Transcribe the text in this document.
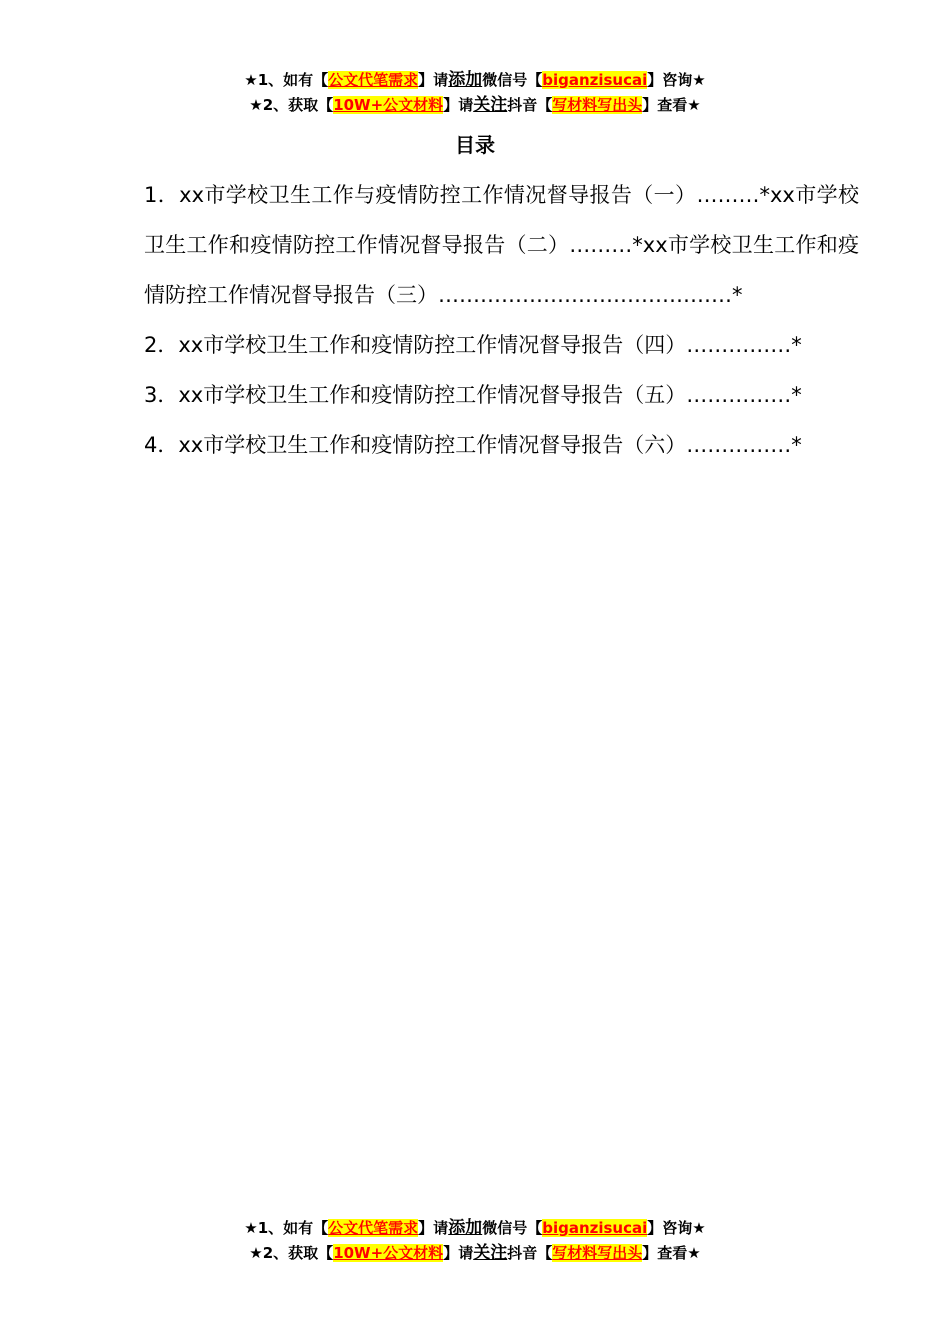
★1、如有【公文代笔需求】请添加微信号【biganzisucai】咨询★
★2、获取【10W+公文材料】请关注抖音【写材料写出头】查看★
目录
1．xx市学校卫生工作与疫情防控工作情况督导报告（一）………*xx市学校卫生工作和疫情防控工作情况督导报告（二）………*xx市学校卫生工作和疫情防控工作情况督导报告（三）……………………………………*
2．xx市学校卫生工作和疫情防控工作情况督导报告（四）……………*
3．xx市学校卫生工作和疫情防控工作情况督导报告（五）……………*
4．xx市学校卫生工作和疫情防控工作情况督导报告（六）……………*
★1、如有【公文代笔需求】请添加微信号【biganzisucai】咨询★
★2、获取【10W+公文材料】请关注抖音【写材料写出头】查看★
